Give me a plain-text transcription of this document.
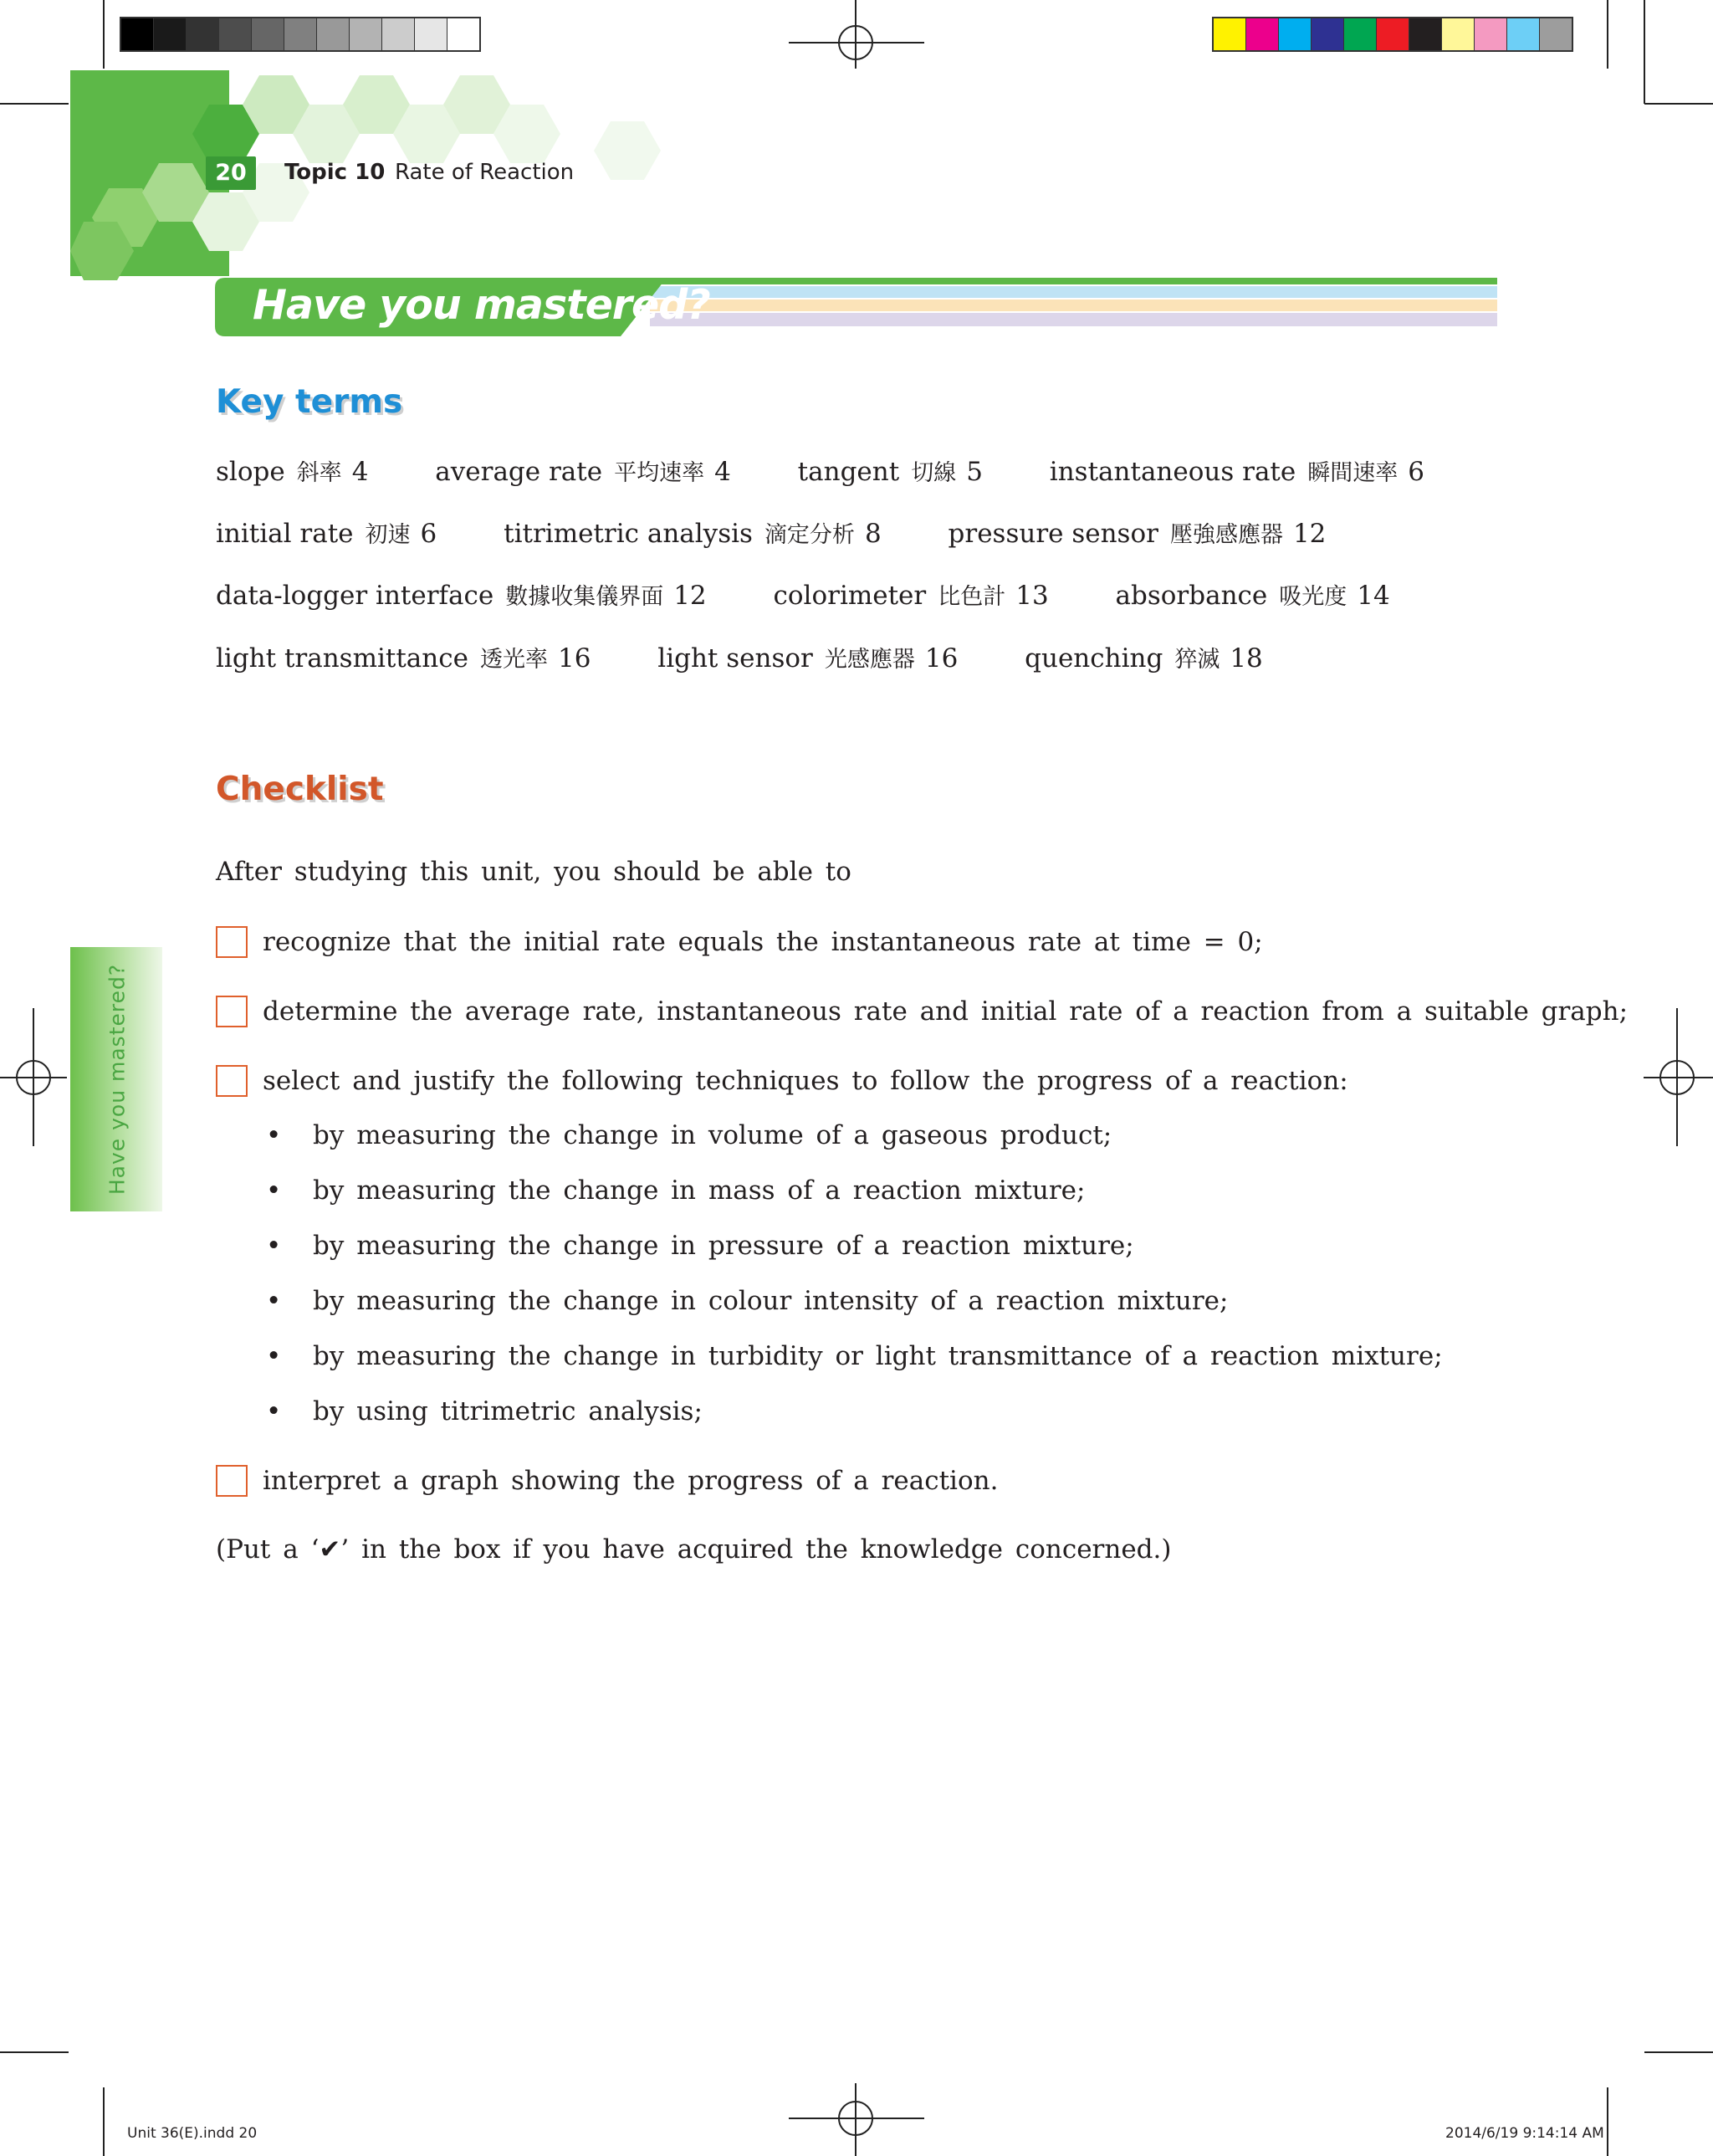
20	Topic 10 Rate of Reaction
Have you mastered?
Key terms
slope 斜率 4	average rate 平均速率 4	tangent 切線 5	instantaneous rate 瞬間速率 6
initial rate 初速 6	titrimetric analysis 滴定分析 8	pressure sensor 壓強感應器 12
data-logger interface 數據收集儀界面 12	colorimeter 比色計 13	absorbance 吸光度 14
light transmittance 透光率 16	light sensor 光感應器 16	quenching 猝滅 18
Checklist
After studying this unit, you should be able to
recognize that the initial rate equals the instantaneous rate at time = 0;
determine the average rate, instantaneous rate and initial rate of a reaction from a suitable graph;
select and justify the following techniques to follow the progress of a reaction:
• by measuring the change in volume of a gaseous product;
• by measuring the change in mass of a reaction mixture;
• by measuring the change in pressure of a reaction mixture;
• by measuring the change in colour intensity of a reaction mixture;
• by measuring the change in turbidity or light transmittance of a reaction mixture;
• by using titrimetric analysis;
interpret a graph showing the progress of a reaction.
(Put a ‘✔’ in the box if you have acquired the knowledge concerned.)
Have you mastered?
Unit 36(E).indd 20	2014/6/19 9:14:14 AM
